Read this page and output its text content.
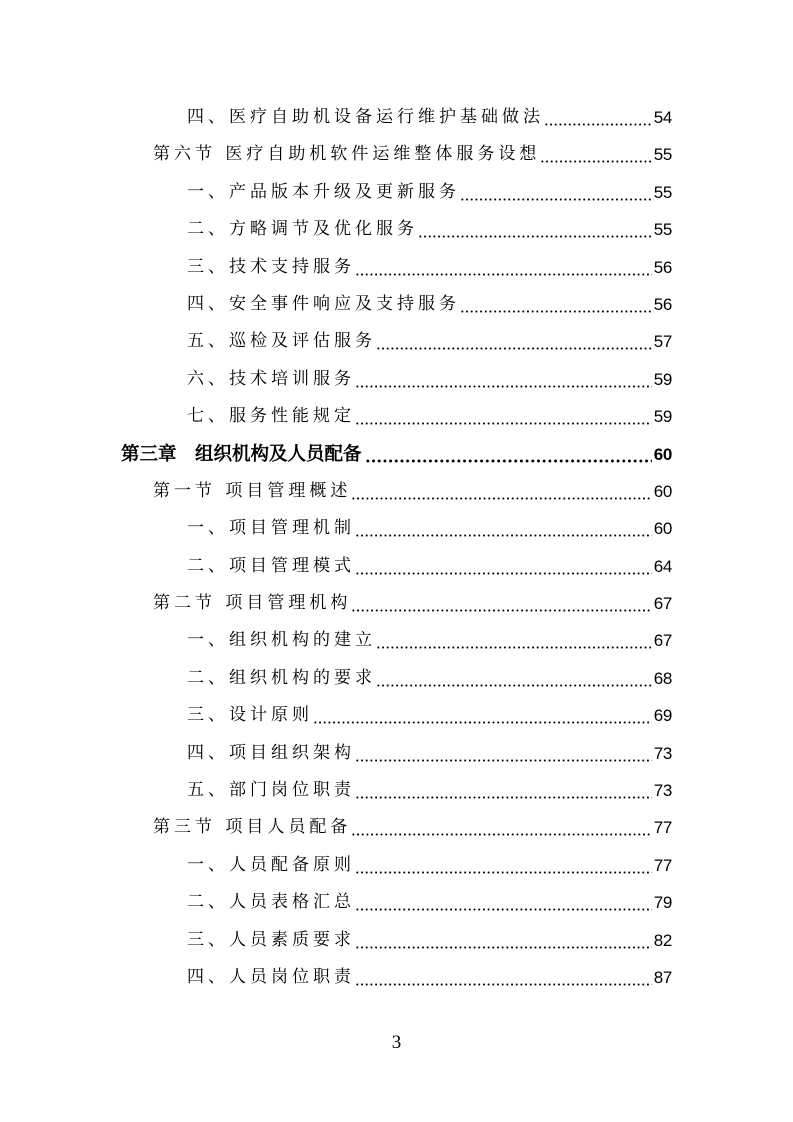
四、医疗自助机设备运行维护基础做法	54
第六节 医疗自助机软件运维整体服务设想	55
一、产品版本升级及更新服务	55
二、方略调节及优化服务	55
三、技术支持服务	56
四、安全事件响应及支持服务	56
五、巡检及评估服务	57
六、技术培训服务	59
七、服务性能规定	59
第三章 组织机构及人员配备	60
第一节 项目管理概述	60
一、项目管理机制	60
二、项目管理模式	64
第二节 项目管理机构	67
一、组织机构的建立	67
二、组织机构的要求	68
三、设计原则	69
四、项目组织架构	73
五、部门岗位职责	73
第三节 项目人员配备	77
一、人员配备原则	77
二、人员表格汇总	79
三、人员素质要求	82
四、人员岗位职责	87
3
